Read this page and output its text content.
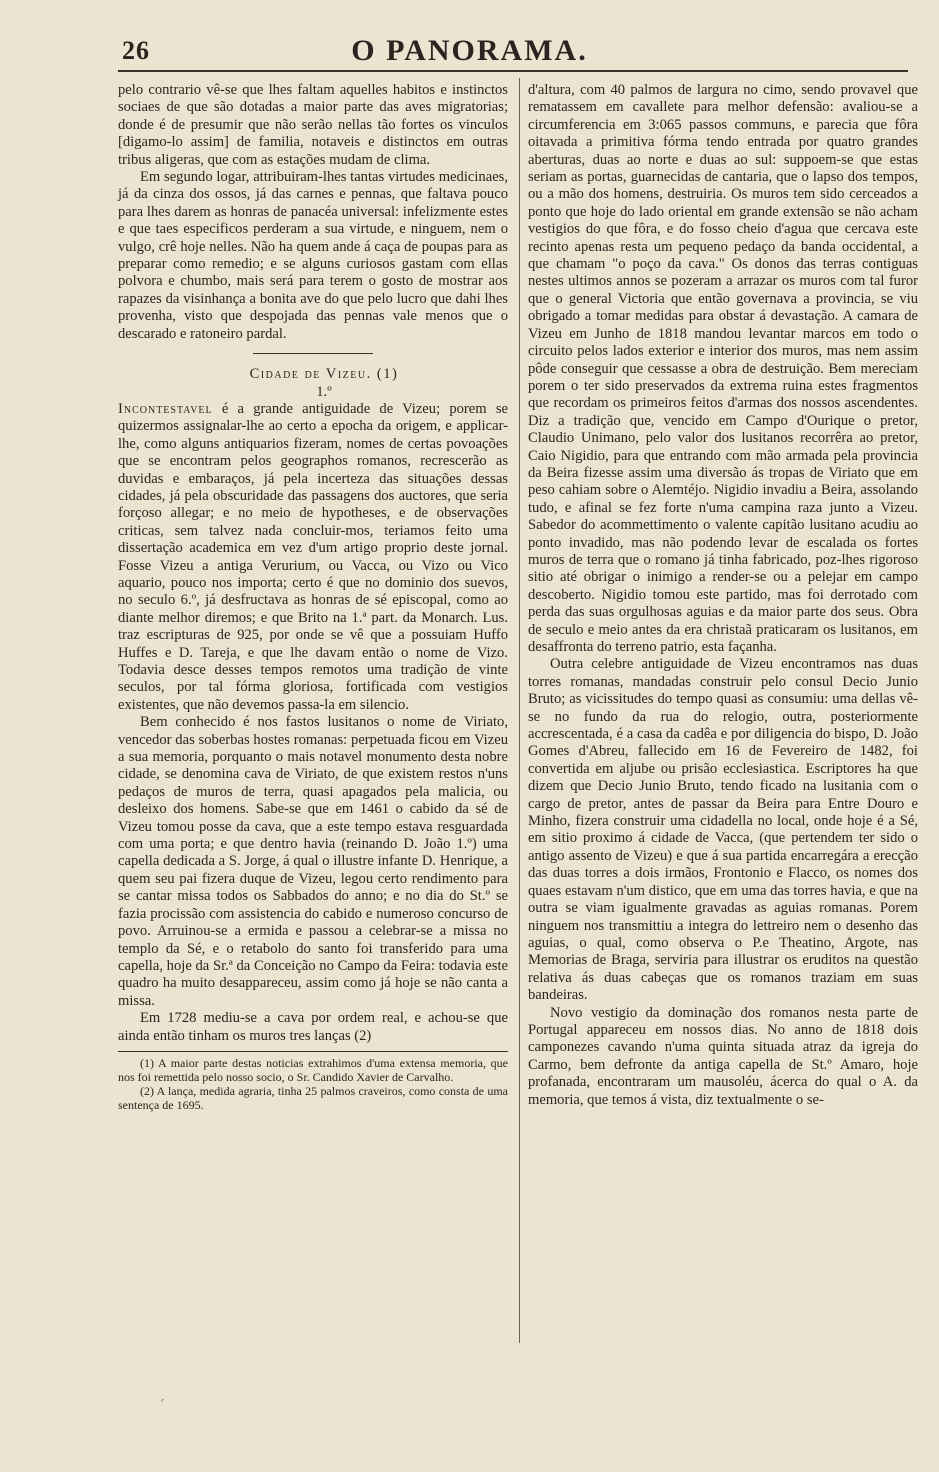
26	O PANORAMA.

pelo contrario vê-se que lhes faltam aquelles habitos e instinctos sociaes de que são dotadas a maior parte das aves migratorias; donde é de presumir que não serão nellas tão fortes os vinculos [digamo-lo assim] de familia, notaveis e distinctos em outras tribus aligeras, que com as estações mudam de clima.

Em segundo logar, attribuiram-lhes tantas virtudes medicinaes, já da cinza dos ossos, já das carnes e pennas, que faltava pouco para lhes darem as honras de panacéa universal: infelizmente estes e que taes especificos perderam a sua virtude, e ninguem, nem o vulgo, crê hoje nelles. Não ha quem ande á caça de poupas para as preparar como remedio; e se alguns curiosos gastam com ellas polvora e chumbo, mais será para terem o gosto de mostrar aos rapazes da visinhança a bonita ave do que pelo lucro que dahi lhes provenha, visto que despojada das pennas vale menos que o descarado e ratoneiro pardal.

Cidade de Vizeu. (1)

1.º

Incontestavel é a grande antiguidade de Vizeu; porem se quizermos assignalar-lhe ao certo a epocha da origem, e applicar-lhe, como alguns antiquarios fizeram, nomes de certas povoações que se encontram pelos geographos romanos, recrescerão as duvidas e embaraços, já pela incerteza das situações dessas cidades, já pela obscuridade das passagens dos auctores, que seria forçoso allegar; e no meio de hypotheses, e de observações criticas, sem talvez nada concluir-mos, teriamos feito uma dissertação academica em vez d'um artigo proprio deste jornal. Fosse Vizeu a antiga Verurium, ou Vacca, ou Vizo ou Vico aquario, pouco nos importa; certo é que no dominio dos suevos, no seculo 6.º, já desfructava as honras de sé episcopal, como ao diante melhor diremos; e que Brito na 1.ª part. da Monarch. Lus. traz escripturas de 925, por onde se vê que a possuiam Huffo Huffes e D. Tareja, e que lhe davam então o nome de Vizo. Todavia desce desses tempos remotos uma tradição de vinte seculos, por tal fórma gloriosa, fortificada com vestigios existentes, que não devemos passa-la em silencio.

Bem conhecido é nos fastos lusitanos o nome de Viriato, vencedor das soberbas hostes romanas: perpetuada ficou em Vizeu a sua memoria, porquanto o mais notavel monumento desta nobre cidade, se denomina cava de Viriato, de que existem restos n'uns pedaços de muros de terra, quasi apagados pela malicia, ou desleixo dos homens. Sabe-se que em 1461 o cabido da sé de Vizeu tomou posse da cava, que a este tempo estava resguardada com uma porta; e que dentro havia (reinando D. João 1.º) uma capella dedicada a S. Jorge, á qual o illustre infante D. Henrique, a quem seu pai fizera duque de Vizeu, legou certo rendimento para se cantar missa todos os Sabbados do anno; e no dia do St.º se fazia procissão com assistencia do cabido e numeroso concurso de povo. Arruinou-se a ermida e passou a celebrar-se a missa no templo da Sé, e o retabolo do santo foi transferido para uma capella, hoje da Sr.ª da Conceição no Campo da Feira: todavia este quadro ha muito desappareceu, assim como já hoje se não canta a missa.

Em 1728 mediu-se a cava por ordem real, e achou-se que ainda então tinham os muros tres lanças (2)

(1) A maior parte destas noticias extrahimos d'uma extensa memoria, que nos foi remettida pelo nosso socio, o Sr. Candido Xavier de Carvalho.

(2) A lança, medida agraria, tinha 25 palmos craveiros, como consta de uma sentença de 1695.

d'altura, com 40 palmos de largura no cimo, sendo provavel que rematassem em cavallete para melhor defensão: avaliou-se a circumferencia em 3:065 passos communs, e parecia que fôra oitavada a primitiva fórma tendo entrada por quatro grandes aberturas, duas ao norte e duas ao sul: suppoem-se que estas seriam as portas, guarnecidas de cantaria, que o lapso dos tempos, ou a mão dos homens, destruiria. Os muros tem sido cerceados a ponto que hoje do lado oriental em grande extensão se não acham vestigios do que fôra, e do fosso cheio d'agua que cercava este recinto apenas resta um pequeno pedaço da banda occidental, a que chamam "o poço da cava." Os donos das terras contiguas nestes ultimos annos se pozeram a arrazar os muros com tal furor que o general Victoria que então governava a provincia, se viu obrigado a tomar medidas para obstar á devastação. A camara de Vizeu em Junho de 1818 mandou levantar marcos em todo o circuito pelos lados exterior e interior dos muros, mas nem assim pôde conseguir que cessasse a obra de destruição. Bem mereciam porem o ter sido preservados da extrema ruina estes fragmentos que recordam os primeiros feitos d'armas dos nossos ascendentes. Diz a tradição que, vencido em Campo d'Ourique o pretor, Claudio Unimano, pelo valor dos lusitanos recorrêra ao pretor, Caio Nigidio, para que entrando com mão armada pela provincia da Beira fizesse assim uma diversão ás tropas de Viriato que em peso cahiam sobre o Alemtéjo. Nigidio invadiu a Beira, assolando tudo, e afinal se fez forte n'uma campina raza junto a Vizeu. Sabedor do acommettimento o valente capitão lusitano acudiu ao ponto invadido, mas não podendo levar de escalada os fortes muros de terra que o romano já tinha fabricado, poz-lhes rigoroso sitio até obrigar o inimigo a render-se ou a pelejar em campo descoberto. Nigidio tomou este partido, mas foi derrotado com perda das suas orgulhosas aguias e da maior parte dos seus. Obra de seculo e meio antes da era christaã praticaram os lusitanos, em desaffronta do terreno patrio, esta façanha.

Outra celebre antiguidade de Vizeu encontramos nas duas torres romanas, mandadas construir pelo consul Decio Junio Bruto; as vicissitudes do tempo quasi as consumiu: uma dellas vê-se no fundo da rua do relogio, outra, posteriormente accrescentada, é a casa da cadêa e por diligencia do bispo, D. João Gomes d'Abreu, fallecido em 16 de Fevereiro de 1482, foi convertida em aljube ou prisão ecclesiastica. Escriptores ha que dizem que Decio Junio Bruto, tendo ficado na lusitania com o cargo de pretor, antes de passar da Beira para Entre Douro e Minho, fizera construir uma cidadella no local, onde hoje é a Sé, em sitio proximo á cidade de Vacca, (que pertendem ter sido o antigo assento de Vizeu) e que á sua partida encarregára a erecção das duas torres a dois irmãos, Frontonio e Flacco, os nomes dos quaes estavam n'um distico, que em uma das torres havia, e que na outra se viam igualmente gravadas as aguias romanas. Porem ninguem nos transmittiu a integra do lettreiro nem o desenho das aguias, o qual, como observa o P.e Theatino, Argote, nas Memorias de Braga, serviria para illustrar os eruditos na questão relativa ás duas cabeças que os romanos traziam em suas bandeiras.

Novo vestigio da dominação dos romanos nesta parte de Portugal appareceu em nossos dias. No anno de 1818 dois camponezes cavando n'uma quinta situada atraz da igreja do Carmo, bem defronte da antiga capella de St.º Amaro, hoje profanada, encontraram um mausoléu, ácerca do qual o A. da memoria, que temos á vista, diz textualmente o se-

ˊ
